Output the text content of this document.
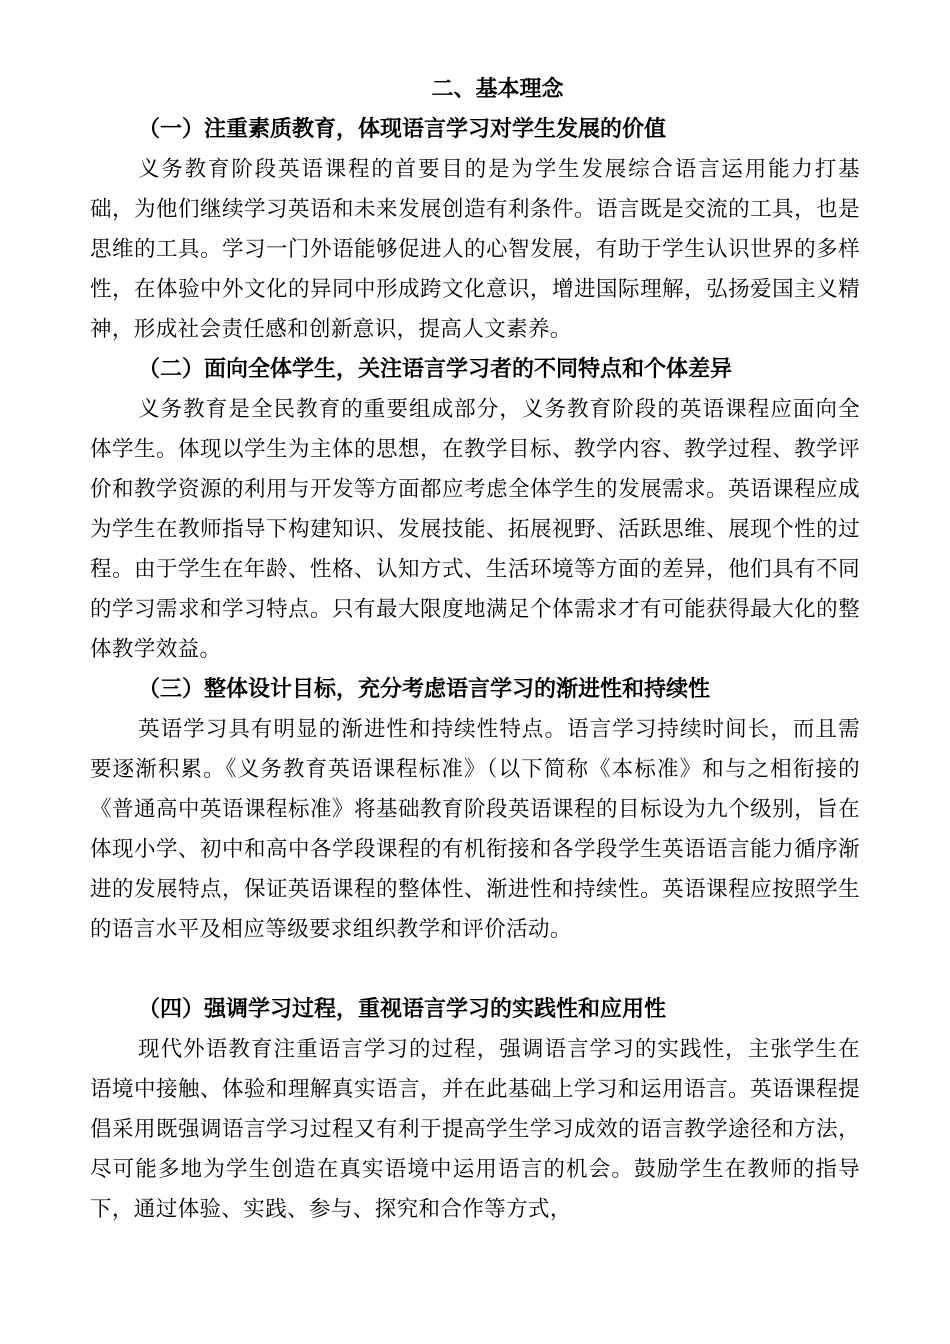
二、基本理念
（一）注重素质教育，体现语言学习对学生发展的价值
义务教育阶段英语课程的首要目的是为学生发展综合语言运用能力打基础，为他们继续学习英语和未来发展创造有利条件。语言既是交流的工具，也是思维的工具。学习一门外语能够促进人的心智发展，有助于学生认识世界的多样性，在体验中外文化的异同中形成跨文化意识，增进国际理解，弘扬爱国主义精神，形成社会责任感和创新意识，提高人文素养。
（二）面向全体学生，关注语言学习者的不同特点和个体差异
义务教育是全民教育的重要组成部分，义务教育阶段的英语课程应面向全体学生。体现以学生为主体的思想，在教学目标、教学内容、教学过程、教学评价和教学资源的利用与开发等方面都应考虑全体学生的发展需求。英语课程应成为学生在教师指导下构建知识、发展技能、拓展视野、活跃思维、展现个性的过程。由于学生在年龄、性格、认知方式、生活环境等方面的差异，他们具有不同的学习需求和学习特点。只有最大限度地满足个体需求才有可能获得最大化的整体教学效益。
（三）整体设计目标，充分考虑语言学习的渐进性和持续性
英语学习具有明显的渐进性和持续性特点。语言学习持续时间长，而且需要逐渐积累。《义务教育英语课程标准》（以下简称《本标准》和与之相衔接的《普通高中英语课程标准》将基础教育阶段英语课程的目标设为九个级别，旨在体现小学、初中和高中各学段课程的有机衔接和各学段学生英语语言能力循序渐进的发展特点，保证英语课程的整体性、渐进性和持续性。英语课程应按照学生的语言水平及相应等级要求组织教学和评价活动。
（四）强调学习过程，重视语言学习的实践性和应用性
现代外语教育注重语言学习的过程，强调语言学习的实践性，主张学生在语境中接触、体验和理解真实语言，并在此基础上学习和运用语言。英语课程提倡采用既强调语言学习过程又有利于提高学生学习成效的语言教学途径和方法，尽可能多地为学生创造在真实语境中运用语言的机会。鼓励学生在教师的指导下，通过体验、实践、参与、探究和合作等方式，
